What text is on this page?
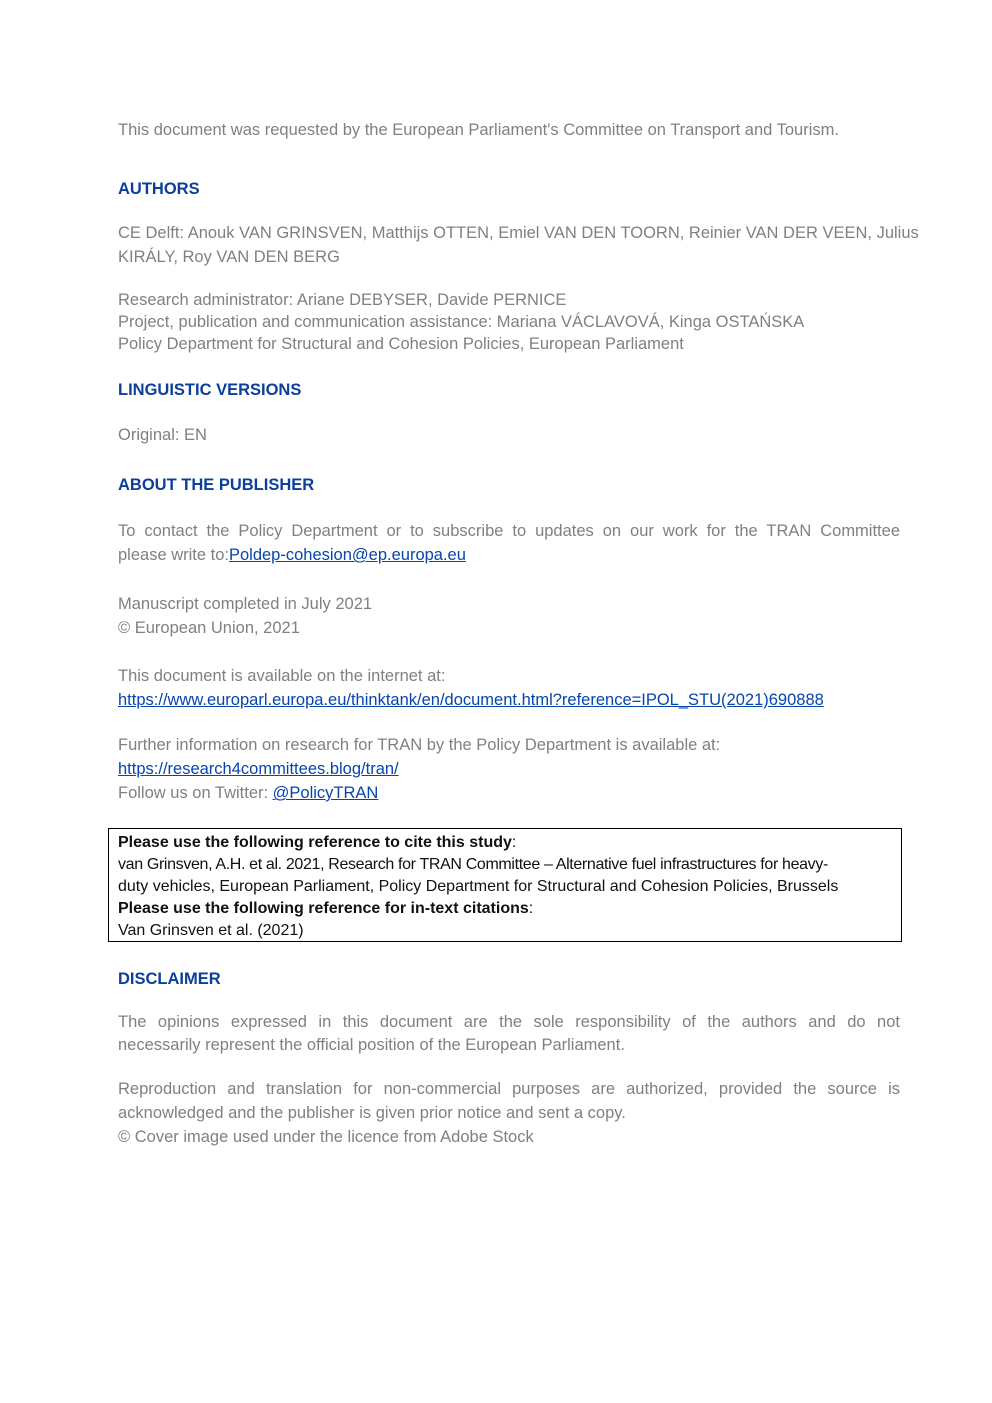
This document was requested by the European Parliament's Committee on Transport and Tourism.
AUTHORS
CE Delft: Anouk VAN GRINSVEN, Matthijs OTTEN, Emiel VAN DEN TOORN, Reinier VAN DER VEEN, Julius
KIRÁLY, Roy VAN DEN BERG
Research administrator: Ariane DEBYSER, Davide PERNICE
Project, publication and communication assistance: Mariana VÁCLAVOVÁ, Kinga OSTAŃSKA
Policy Department for Structural and Cohesion Policies, European Parliament
LINGUISTIC VERSIONS
Original: EN
ABOUT THE PUBLISHER
To contact the Policy Department or to subscribe to updates on our work for the TRAN Committee
please write to:Poldep-cohesion@ep.europa.eu
Manuscript completed in July 2021
© European Union, 2021
This document is available on the internet at:
https://www.europarl.europa.eu/thinktank/en/document.html?reference=IPOL_STU(2021)690888
Further information on research for TRAN by the Policy Department is available at:
https://research4committees.blog/tran/
Follow us on Twitter: @PolicyTRAN
Please use the following reference to cite this study:
van Grinsven, A.H. et al. 2021, Research for TRAN Committee – Alternative fuel infrastructures for heavy-
duty vehicles, European Parliament, Policy Department for Structural and Cohesion Policies, Brussels
Please use the following reference for in-text citations:
Van Grinsven et al. (2021)
DISCLAIMER
The opinions expressed in this document are the sole responsibility of the authors and do not
necessarily represent the official position of the European Parliament.
Reproduction and translation for non-commercial purposes are authorized, provided the source is
acknowledged and the publisher is given prior notice and sent a copy.
© Cover image used under the licence from Adobe Stock
